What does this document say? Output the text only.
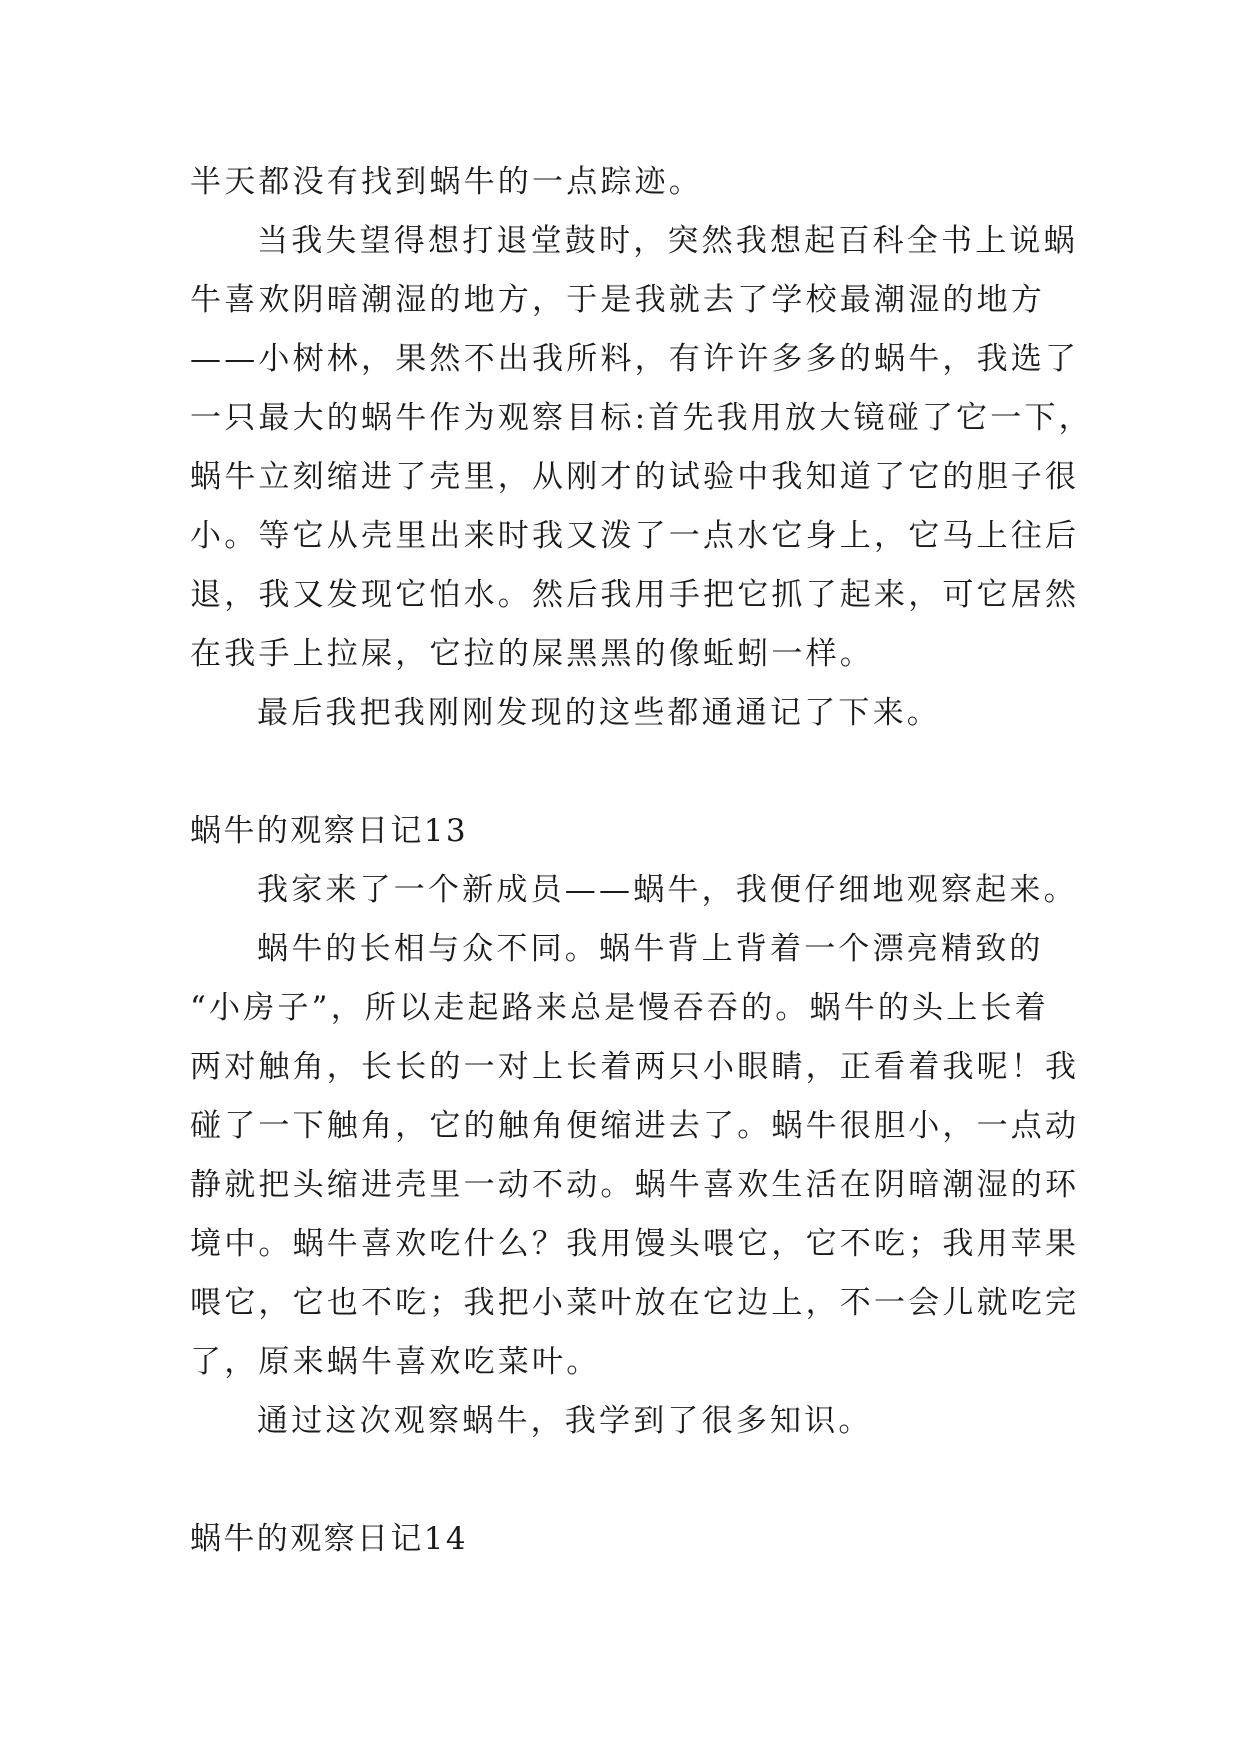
半天都没有找到蜗牛的一点踪迹。

当我失望得想打退堂鼓时，突然我想起百科全书上说蜗

牛喜欢阴暗潮湿的地方，于是我就去了学校最潮湿的地方

——小树林，果然不出我所料，有许许多多的蜗牛，我选了

一只最大的蜗牛作为观察目标:首先我用放大镜碰了它一下，

蜗牛立刻缩进了壳里，从刚才的试验中我知道了它的胆子很

小。等它从壳里出来时我又泼了一点水它身上，它马上往后

退，我又发现它怕水。然后我用手把它抓了起来，可它居然

在我手上拉屎，它拉的屎黑黑的像蚯蚓一样。

最后我把我刚刚发现的这些都通通记了下来。

蜗牛的观察日记13

我家来了一个新成员——蜗牛，我便仔细地观察起来。

蜗牛的长相与众不同。蜗牛背上背着一个漂亮精致的

“小房子”，所以走起路来总是慢吞吞的。蜗牛的头上长着

两对触角，长长的一对上长着两只小眼睛，正看着我呢！我

碰了一下触角，它的触角便缩进去了。蜗牛很胆小，一点动

静就把头缩进壳里一动不动。蜗牛喜欢生活在阴暗潮湿的环

境中。蜗牛喜欢吃什么？我用馒头喂它，它不吃；我用苹果

喂它，它也不吃；我把小菜叶放在它边上，不一会儿就吃完

了，原来蜗牛喜欢吃菜叶。

通过这次观察蜗牛，我学到了很多知识。

蜗牛的观察日记14
